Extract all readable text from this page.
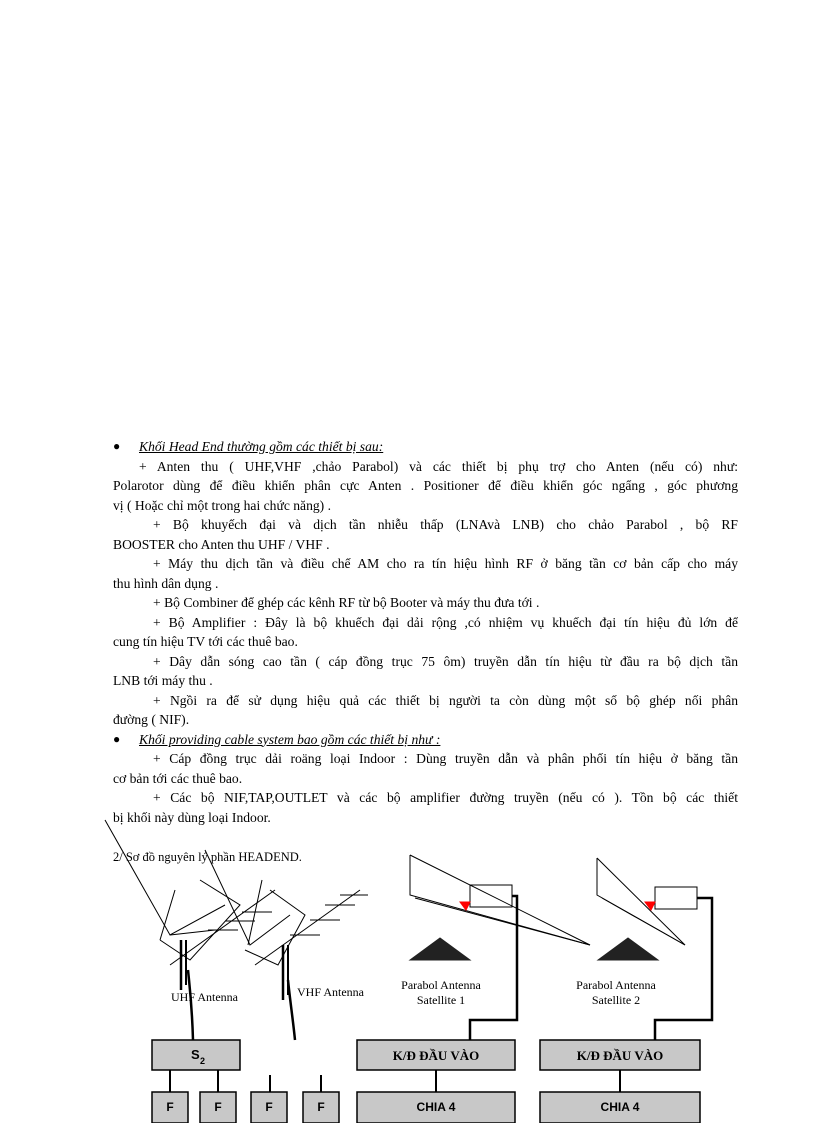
● Khối Head End thường gồm các thiết bị sau:
+ Anten thu ( UHF,VHF ,chảo Parabol) và các thiết bị phụ trợ cho Anten (nếu có) như:
Polarotor dùng để điều khiển phân cực Anten . Positioner để điều khiển góc ngẩng , góc phương
vị ( Hoặc chỉ một trong hai chức năng) .
+ Bộ khuyếch đại và dịch tần nhiễu thấp (LNAvà LNB) cho chảo Parabol , bộ RF
BOOSTER cho Anten thu UHF / VHF .
+ Máy thu dịch tần và điều chế AM cho ra tín hiệu hình RF ở băng tần cơ bản cấp cho máy
thu hình dân dụng .
+ Bộ Combiner để ghép các kênh RF từ bộ Booter và máy thu đưa tới .
+ Bộ Amplifier : Đây là bộ khuếch đại dải rộng ,có nhiệm vụ khuếch đại tín hiệu đủ lớn để
cung tín hiệu TV tới các thuê bao.
+ Dây dẫn sóng cao tần ( cáp đồng trục 75 ôm) truyền dẫn tín hiệu từ đầu ra bộ dịch tần
LNB tới máy thu .
+ Ngồi ra để sử dụng hiệu quả các thiết bị người ta còn dùng một số bộ ghép nối phân
đường ( NIF).
● Khối providing cable system bao gồm các thiết bị như :
+ Cáp đồng trục dải roäng loại Indoor : Dùng truyền dẫn và phân phối tín hiệu ở băng tần
cơ bản tới các thuê bao.
+ Các bộ NIF,TAP,OUTLET và các bộ amplifier đường truyền (nếu có ). Tồn bộ các thiết
bị khối này dùng loại Indoor.
2/ Sơ đồ nguyên lý phần HEADEND.
UHF Antenna	VHF Antenna	Parabol Antenna
Satellite 1
Parabol Antenna
Satellite 2
S 2	K/Đ ĐẦU VÀO	K/Đ ĐẦU VÀO
F	F	F	F	CHIA 4	CHIA 4
